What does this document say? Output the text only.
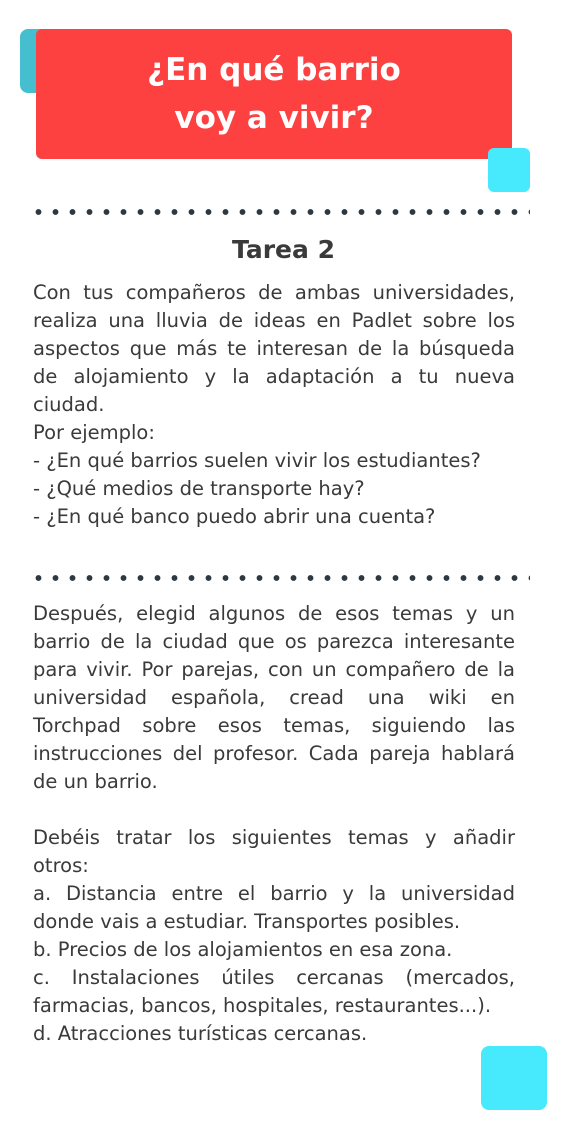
¿En qué barrio
voy a vivir?
Tarea 2

Con tus compañeros de ambas universidades, realiza una lluvia de ideas en Padlet sobre los aspectos que más te interesan de la búsqueda de alojamiento y la adaptación a tu nueva ciudad.

Por ejemplo:

- ¿En qué barrios suelen vivir los estudiantes?

- ¿Qué medios de transporte hay?

- ¿En qué banco puedo abrir una cuenta?

Después, elegid algunos de esos temas y un barrio de la ciudad que os parezca interesante para vivir. Por parejas, con un compañero de la universidad española, cread una wiki en Torchpad sobre esos temas, siguiendo las instrucciones del profesor. Cada pareja hablará de un barrio.

Debéis tratar los siguientes temas y añadir otros:

a. Distancia entre el barrio y la universidad donde vais a estudiar. Transportes posibles.

b. Precios de los alojamientos en esa zona.

c. Instalaciones útiles cercanas (mercados, farmacias, bancos, hospitales, restaurantes...).

d. Atracciones turísticas cercanas.
